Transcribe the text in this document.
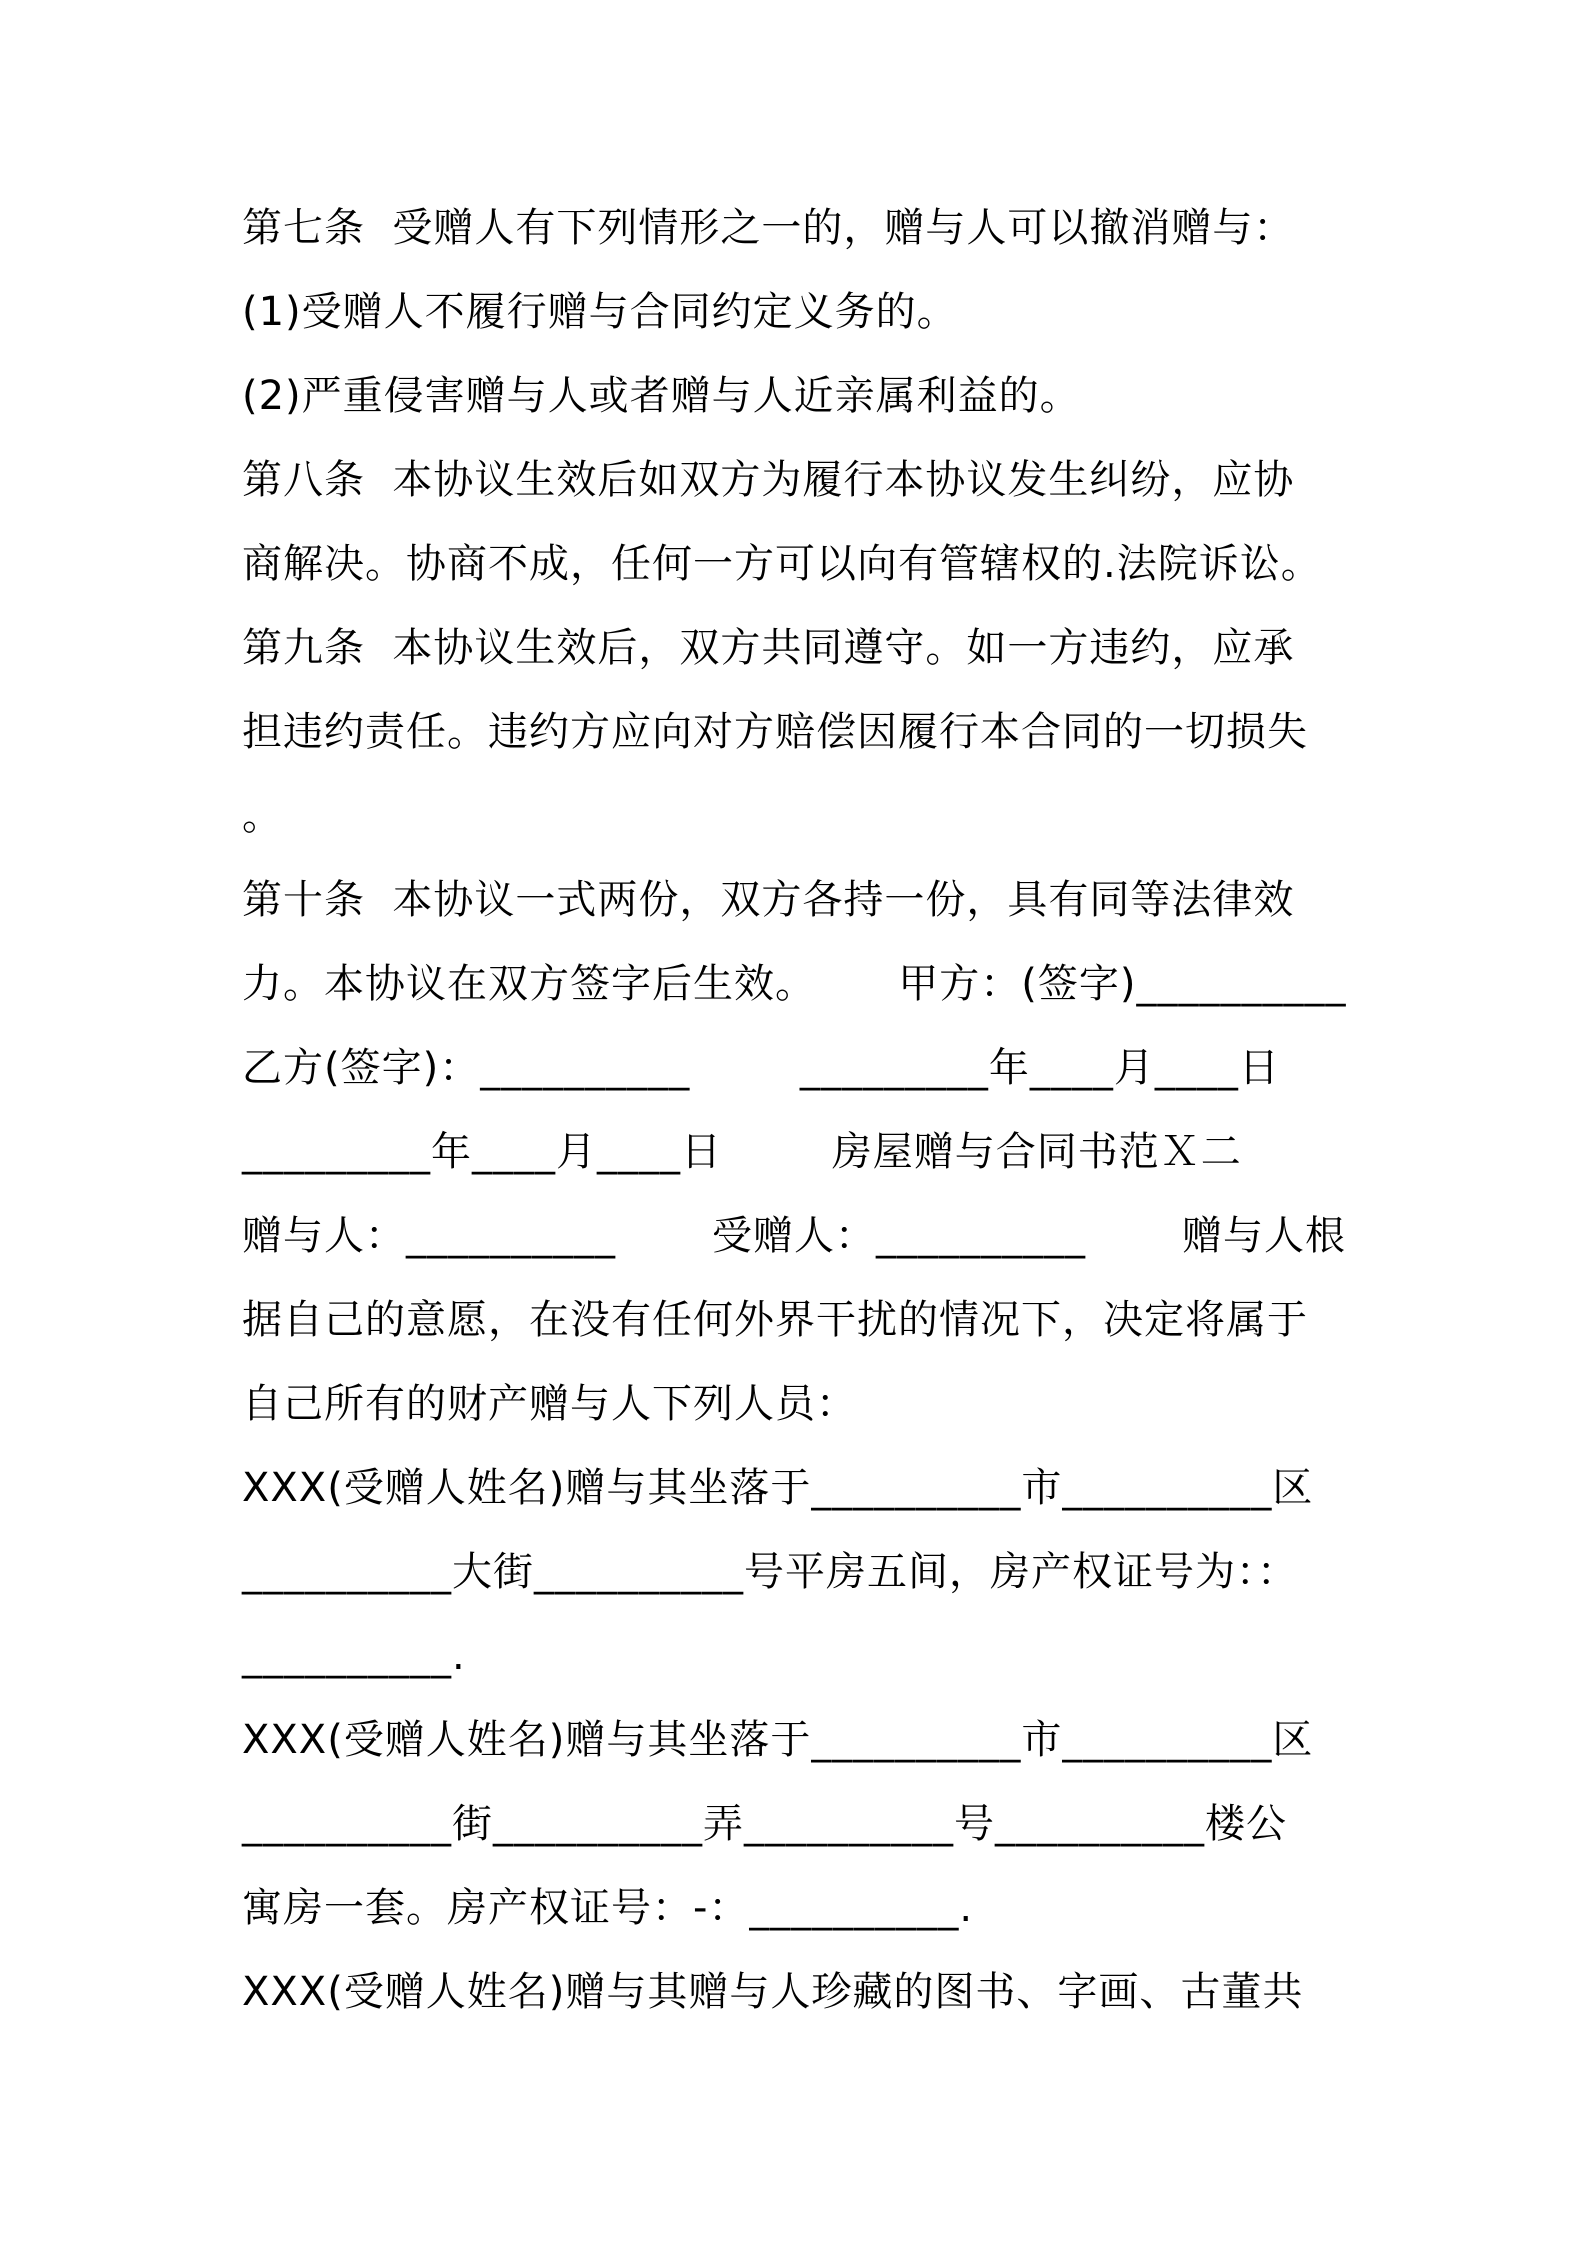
第七条  受赠人有下列情形之一的，赠与人可以撤消赠与：
(1)受赠人不履行赠与合同约定义务的。
(2)严重侵害赠与人或者赠与人近亲属利益的。
第八条  本协议生效后如双方为履行本协议发生纠纷，应协
商解决。协商不成，任何一方可以向有管辖权的.法院诉讼。
第九条  本协议生效后，双方共同遵守。如一方违约，应承
担违约责任。违约方应向对方赔偿因履行本合同的一切损失
。
第十条  本协议一式两份，双方各持一份，具有同等法律效
力。本协议在双方签字后生效。      甲方：(签字)__________
乙方(签字)：__________        _________年____月____日
_________年____月____日        房屋赠与合同书范Ｘ二
赠与人：__________       受赠人：__________       赠与人根
据自己的意愿，在没有任何外界干扰的情况下，决定将属于
自己所有的财产赠与人下列人员：
XXX(受赠人姓名)赠与其坐落于__________市__________区
__________大街__________号平房五间，房产权证号为：：
__________.
XXX(受赠人姓名)赠与其坐落于__________市__________区
__________街__________弄__________号__________楼公
寓房一套。房产权证号：-：__________.
XXX(受赠人姓名)赠与其赠与人珍藏的图书、字画、古董共
